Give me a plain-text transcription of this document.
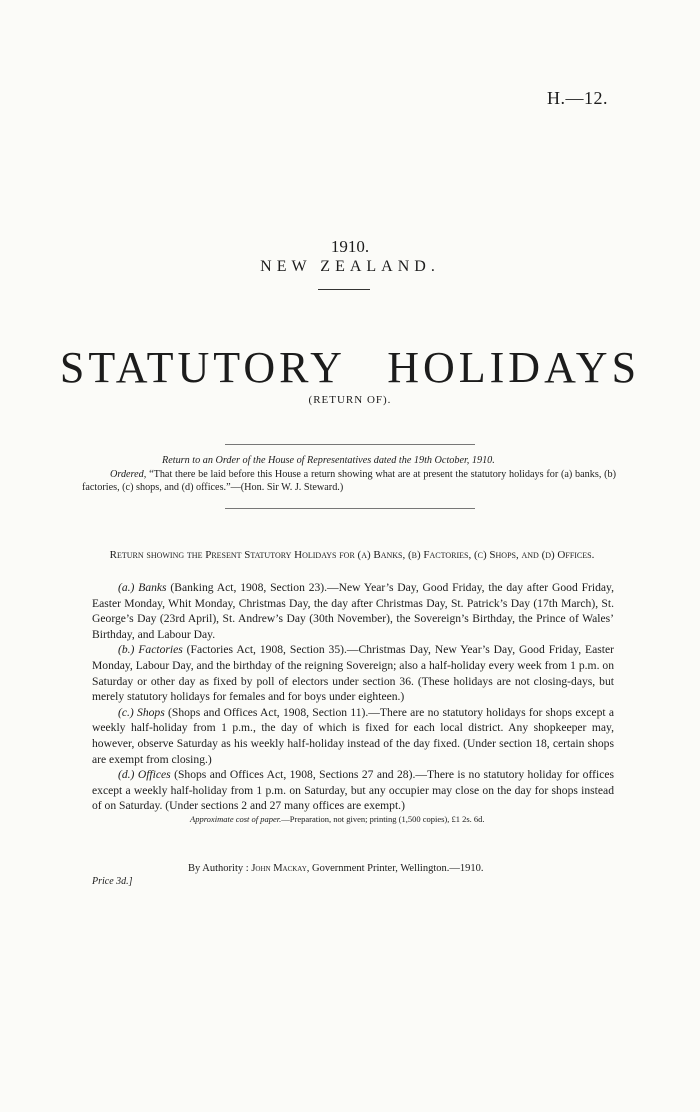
H.—12.
1910.
NEW ZEALAND.
STATUTORY HOLIDAYS
(RETURN OF).
Return to an Order of the House of Representatives dated the 19th October, 1910.
Ordered, “That there be laid before this House a return showing what are at present the statutory holidays for (a) banks, (b) factories, (c) shops, and (d) offices.”—(Hon. Sir W. J. Steward.)
Return showing the Present Statutory Holidays for (a) Banks, (b) Factories, (c) Shops, and (d) Offices.

(a.) Banks (Banking Act, 1908, Section 23).—New Year’s Day, Good Friday, the day after Good Friday, Easter Monday, Whit Monday, Christmas Day, the day after Christmas Day, St. Patrick’s Day (17th March), St. George’s Day (23rd April), St. Andrew’s Day (30th November), the Sovereign’s Birthday, the Prince of Wales’ Birthday, and Labour Day.

(b.) Factories (Factories Act, 1908, Section 35).—Christmas Day, New Year’s Day, Good Friday, Easter Monday, Labour Day, and the birthday of the reigning Sovereign; also a half-holiday every week from 1 p.m. on Saturday or other day as fixed by poll of electors under section 36. (These holidays are not closing-days, but merely statutory holidays for females and for boys under eighteen.)

(c.) Shops (Shops and Offices Act, 1908, Section 11).—There are no statutory holidays for shops except a weekly half-holiday from 1 p.m., the day of which is fixed for each local district. Any shopkeeper may, however, observe Saturday as his weekly half-holiday instead of the day fixed. (Under section 18, certain shops are exempt from closing.)

(d.) Offices (Shops and Offices Act, 1908, Sections 27 and 28).—There is no statutory holiday for offices except a weekly half-holiday from 1 p.m. on Saturday, but any occupier may close on the day for shops instead of on Saturday. (Under sections 2 and 27 many offices are exempt.)

Approximate cost of paper.—Preparation, not given; printing (1,500 copies), £1 2s. 6d.
By Authority : John Mackay, Government Printer, Wellington.—1910.
Price 3d.]
